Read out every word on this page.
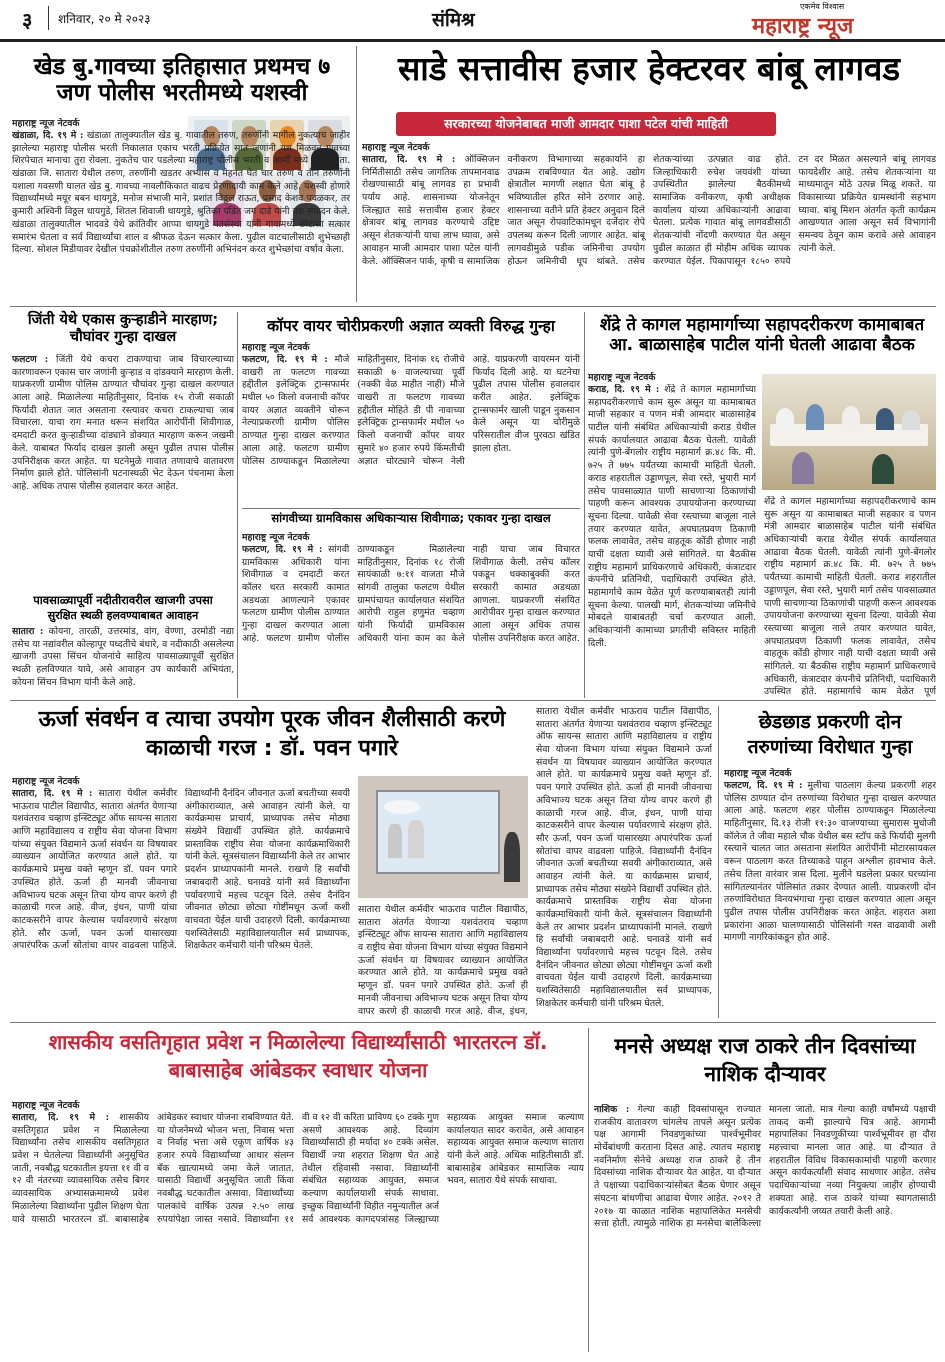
३ शनिवार, २० मे २०२३	संमिश्र
एकमेव विश्वास
महाराष्ट्र न्यूज
खेड बु.गावच्या इतिहासात प्रथमच ७ जण पोलीस भरतीमध्ये यशस्वी
महाराष्ट्र न्यूज नेटवर्क
खंडाळा, दि. १९ मे : खंडाळा तालुक्यातील खेड बु. गावातील तरुण, तरुणींनी मागील नुकत्याच जाहीर झालेल्या महाराष्ट्र पोलीस भरती निकालात एकाच भरती प्रक्रियेत सात जणांनी यश मिळवून गावच्या शिरपेचात मानाचा तुरा रोवला. नुकतेच पार पडलेल्या महाराष्ट्र पोलीस भरती व आर्मी मध्ये खेड बु. ता. खंडाळा जि. सातारा येथील तरुण, तरुणींनी खडतर अभ्यास व मेहनत घेत चार तरुण व तीन तरुणींनी यशाला गवसणी घालत खेड बु. गावच्या नावलौकिकात वाढच प्रेरणादायी काम केले आहे. यशस्वी होणारे विद्यार्थ्यांमध्ये मयूर बबन धायगुडे, मनोज संभाजी माने, प्रशांत विठ्ठल राऊत, प्रसाद केशव पवळकर, तर कुमारी अश्विनी विठ्ठल धायगुडे, शितल शिवाजी धायगुडे, श्रुतिका पंडित जग दाडे यांनी यश संपादन केले. खंडाळा तालुक्यातील भादवडे येथे क्रांतिवीर आप्पा धायगुडे पतसंस्था यांनी गावामध्ये छोटासा सत्कार समारंभ घेतला व सर्व विद्यार्थ्यांचा शाल व श्रीफळ देऊन सत्कार केला. पुढील वाटचालीसाठी शुभेच्छाही दिल्या. सोशल मिडीयावर देखील पंचक्रोशीतील तरुण तरुणींनी अभिनंदन करत शुभेच्छांचा वर्षाव केला.
साडे सत्तावीस हजार हेक्टरवर बांबू लागवड
सरकारच्या योजनेबाबत माजी आमदार पाशा पटेल यांची माहिती
महाराष्ट्र न्यूज नेटवर्क
सातारा, दि. १९ मे : ऑक्सिजन निर्मितीसाठी तसेच जागतिक तापमानवाढ रोखण्यासाठी बांबू लागवड हा प्रभावी पर्याय आहे. शासनाच्या योजनेतून जिल्ह्यात साडे सत्तावीस हजार हेक्टर क्षेत्रावर बांबू लागवड करण्याचे उद्दिष्ट असून शेतकऱ्यांनी याचा लाभ घ्यावा, असे आवाहन माजी आमदार पाशा पटेल यांनी केले. ऑक्सिजन पार्क, कृषी व सामाजिक वनीकरण विभागाच्या सहकार्याने हा उपक्रम राबविण्यात येत आहे. उद्योग क्षेत्रातील मागणी लक्षात घेता बांबू हे भविष्यातील हरित सोने ठरणार आहे. शासनाच्या वतीने प्रति हेक्टर अनुदान दिले जात असून रोपवाटिकांमधून दर्जेदार रोपे उपलब्ध करून दिली जाणार आहेत. बांबू लागवडीमुळे पडीक जमिनीचा उपयोग होऊन जमिनीची धूप थांबते. तसेच शेतकऱ्यांच्या उत्पन्नात वाढ होते. जिल्हाधिकारी रुचेश जयवंशी यांच्या उपस्थितीत झालेल्या बैठकीमध्ये सामाजिक वनीकरण, कृषी अधीक्षक कार्यालय यांच्या अधिकाऱ्यांनी आढावा घेतला. प्रत्येक गावात बांबू लागवडीसाठी शेतकऱ्यांची नोंदणी करण्यात येत असून पुढील काळात ही मोहीम अधिक व्यापक करण्यात येईल. पिकापासून १८५० रुपये टन दर मिळत असल्याने बांबू लागवड फायदेशीर आहे. तसेच शेतकऱ्यांना या माध्यमातून मोठे उत्पन्न मिळू शकते. या विकासाच्या प्रक्रियेत ग्रामस्थांनी सहभाग घ्यावा. बांबू मिशन अंतर्गत कृती कार्यक्रम आखण्यात आला असून सर्व विभागांनी समन्वय ठेवून काम करावे असे आवाहन त्यांनी केले.
जिंती येथे एकास कुऱ्हाडीने मारहाण; चौघांवर गुन्हा दाखल
फलटण : जिंती येथे कचरा टाकण्याचा जाब विचारल्याच्या कारणावरून एकास चार जणांनी कुऱ्हाड व दांडक्याने मारहाण केली. याप्रकरणी ग्रामीण पोलिस ठाण्यात चौघांवर गुन्हा दाखल करण्यात आला आहे. मिळालेल्या माहितीनुसार, दिनांक १५ रोजी सकाळी फिर्यादी शेतात जात असताना रस्त्यावर कचरा टाकल्याचा जाब विचारला. याचा राग मनात धरून संशयित आरोपींनी शिवीगाळ, दमदाटी करत कुऱ्हाडीच्या दांड्याने डोक्यात मारहाण करून जखमी केले. याबाबत फिर्याद दाखल झाली असून पुढील तपास पोलीस उपनिरीक्षक करत आहेत. या घटनेमुळे गावात तणावाचे वातावरण निर्माण झाले होते. पोलिसांनी घटनास्थळी भेट देऊन पंचनामा केला आहे. अधिक तपास पोलीस हवालदार करत आहेत.
पावसाळ्यापूर्वी नदीतीरावरील खाजगी उपसा
सुरक्षित स्थळी हलवण्याबाबत आवाहन
सातारा : कोयना, तारळी, उत्तरमांड, वांग, वेण्णा, उरमोडी नद्या तसेच या नद्यांवरील कोल्हापूर पध्दतीचे बंधारे, व नदीकाठी असलेल्या खाजगी उपसा सिंचन योजनांचे साहित्य पावसाळ्यापूर्वी सुरक्षित स्थळी हलविण्यात यावे, असे आवाहन उप कार्यकारी अभियंता, कोयना सिंचन विभाग यांनी केले आहे.
कॉपर वायर चोरीप्रकरणी अज्ञात व्यक्ती विरुद्ध गुन्हा
महाराष्ट्र न्यूज नेटवर्क
फलटण, दि. १९ मे : मौजे वाखरी ता फलटण गावच्या हद्दीतील इलेक्ट्रिक ट्रान्सफार्मर मधील ५० किलो वजनाची कॉपर वायर अज्ञात व्यक्तीने चोरून नेल्याप्रकरणी ग्रामीण पोलिस ठाण्यात गुन्हा दाखल करण्यात आला आहे. फलटण ग्रामीण पोलिस ठाण्याकडून मिळालेल्या माहितीनुसार, दिनांक १६ रोजीचे सकाळी ७ वाजल्याच्या पूर्वी (नक्की वेळ माहीत नाही) मौजे वाखरी ता फलटण गावच्या हद्दीतील मोहिते डी पी नावाच्या इलेक्ट्रिक ट्रान्सफार्मर मधील ५० किलो वजनाची कॉपर वायर सुमारे ४० हजार रुपये किंमतीची अज्ञात चोरट्याने चोरून नेली आहे. याप्रकरणी वायरमन यांनी फिर्याद दिली आहे. या घटनेचा पुढील तपास पोलीस हवालदार करीत आहेत. इलेक्ट्रिक ट्रान्सफार्मर खाली पाडून नुकसान केले असून या चोरीमुळे परिसरातील वीज पुरवठा खंडित झाला होता.
सांगवीच्या ग्रामविकास अधिकाऱ्यास शिवीगाळ; एकावर गुन्हा दाखल
महाराष्ट्र न्यूज नेटवर्क
फलटण, दि. १९ मे : सांगवी ग्रामविकास अधिकारी यांना शिवीगाळ व दमदाटी करत कॉलर धरत सरकारी कामात अडथळा आणल्याने एकावर फलटण ग्रामीण पोलीस ठाण्यात गुन्हा दाखल करण्यात आला आहे. फलटण ग्रामीण पोलीस ठाण्याकडून मिळालेल्या माहितीनुसार, दिनांक १८ रोजी सायंकाळी ७:११ वाजता मौजे सांगवी तालुका फलटण येथील ग्रामपंचायत कार्यालयात संशयित आरोपी राहुल हणुमंत चव्हाण यांनी फिर्यादी ग्रामविकास अधिकारी यांना काम का केले नाही याचा जाब विचारत शिवीगाळ केली. तसेच कॉलर पकडून धक्काबुक्की करत सरकारी कामात अडथळा आणला. याप्रकरणी संशयित आरोपीवर गुन्हा दाखल करण्यात आला असून अधिक तपास पोलीस उपनिरीक्षक करत आहेत.
शेंद्रे ते कागल महामार्गाच्या सहापदरीकरण कामाबाबत आ. बाळासाहेब पाटील यांनी घेतली आढावा बैठक
महाराष्ट्र न्यूज नेटवर्क
कराड, दि. १९ मे : शेंद्रे ते कागल महामार्गाच्या सहापदरीकरणाचे काम सुरू असून या कामाबाबत माजी सहकार व पणन मंत्री आमदार बाळासाहेब पाटील यांनी संबंधित अधिकाऱ्यांची कराड येथील संपर्क कार्यालयात आढावा बैठक घेतली. यावेळी त्यांनी पुणे-बेंगलोर राष्ट्रीय महामार्ग क्र.४८ कि. मी. ७२५ ते ७७५ पर्यंतच्या कामाची माहिती घेतली. कराड शहरातील उड्डाणपूल, सेवा रस्ते, भुयारी मार्ग तसेच पावसाळ्यात पाणी साचणाऱ्या ठिकाणांची पाहणी करून आवश्यक उपाययोजना करण्याच्या सूचना दिल्या. यावेळी सेवा रस्त्याच्या बाजूला नाले तयार करण्यात यावेत, अपघातप्रवण ठिकाणी फलक लावावेत, तसेच वाहतूक कोंडी होणार नाही याची दक्षता घ्यावी असे सांगितले. या बैठकीस राष्ट्रीय महामार्ग प्राधिकरणाचे अधिकारी, कंत्राटदार कंपनीचे प्रतिनिधी, पदाधिकारी उपस्थित होते. महामार्गाचे काम वेळेत पूर्ण करण्याबाबतही त्यांनी सूचना केल्या. पालखी मार्ग, शेतकऱ्यांच्या जमिनीचे मोबदले याबाबतही चर्चा करण्यात आली. अधिकाऱ्यांनी कामाच्या प्रगतीची सविस्तर माहिती दिली.
शेंद्रे ते कागल महामार्गाच्या सहापदरीकरणाचे काम सुरू असून या कामाबाबत माजी सहकार व पणन मंत्री आमदार बाळासाहेब पाटील यांनी संबंधित अधिकाऱ्यांची कराड येथील संपर्क कार्यालयात आढावा बैठक घेतली. यावेळी त्यांनी पुणे-बेंगलोर राष्ट्रीय महामार्ग क्र.४८ कि. मी. ७२५ ते ७७५ पर्यंतच्या कामाची माहिती घेतली. कराड शहरातील उड्डाणपूल, सेवा रस्ते, भुयारी मार्ग तसेच पावसाळ्यात पाणी साचणाऱ्या ठिकाणांची पाहणी करून आवश्यक उपाययोजना करण्याच्या सूचना दिल्या. यावेळी सेवा रस्त्याच्या बाजूला नाले तयार करण्यात यावेत, अपघातप्रवण ठिकाणी फलक लावावेत, तसेच वाहतूक कोंडी होणार नाही याची दक्षता घ्यावी असे सांगितले. या बैठकीस राष्ट्रीय महामार्ग प्राधिकरणाचे अधिकारी, कंत्राटदार कंपनीचे प्रतिनिधी, पदाधिकारी उपस्थित होते. महामार्गाचे काम वेळेत पूर्ण
ऊर्जा संवर्धन व त्याचा उपयोग पूरक जीवन शैलीसाठी करणे काळाची गरज : डॉ. पवन पगारे
महाराष्ट्र न्यूज नेटवर्क
सातारा, दि. १९ मे : सातारा येथील कर्मवीर भाऊराव पाटील विद्यापीठ, सातारा अंतर्गत येणाऱ्या यशवंतराव चव्हाण इन्स्टिट्यूट ऑफ सायन्स सातारा आणि महाविद्यालय व राष्ट्रीय सेवा योजना विभाग यांच्या संयुक्त विद्यमाने ऊर्जा संवर्धन या विषयावर व्याख्यान आयोजित करण्यात आले होते. या कार्यक्रमाचे प्रमुख वक्ते म्हणून डॉ. पवन पगारे उपस्थित होते. ऊर्जा ही मानवी जीवनाचा अविभाज्य घटक असून तिचा योग्य वापर करणे ही काळाची गरज आहे. वीज, इंधन, पाणी यांचा काटकसरीने वापर केल्यास पर्यावरणाचे संरक्षण होते. सौर ऊर्जा, पवन ऊर्जा यासारख्या अपारंपरिक ऊर्जा स्रोतांचा वापर वाढवला पाहिजे. विद्यार्थ्यांनी दैनंदिन जीवनात ऊर्जा बचतीच्या सवयी अंगीकाराव्यात, असे आवाहन त्यांनी केले. या कार्यक्रमास प्राचार्य, प्राध्यापक तसेच मोठ्या संख्येने विद्यार्थी उपस्थित होते. कार्यक्रमाचे प्रास्ताविक राष्ट्रीय सेवा योजना कार्यक्रमाधिकारी यांनी केले. सूत्रसंचालन विद्यार्थ्यांनी केले तर आभार प्रदर्शन प्राध्यापकांनी मानले. राखणे हि सर्वांची जबाबदारी आहे. घनावडे यांनी सर्व विद्यार्थ्यांना पर्यावरणाचे महत्त्व पटवून दिले. तसेच दैनंदिन जीवनात छोट्या छोट्या गोष्टींमधून ऊर्जा कशी वाचवता येईल याची उदाहरणे दिली. कार्यक्रमाच्या यशस्वितेसाठी महाविद्यालयातील सर्व प्राध्यापक, शिक्षकेतर कर्मचारी यांनी परिश्रम घेतले.
सातारा येथील कर्मवीर भाऊराव पाटील विद्यापीठ, सातारा अंतर्गत येणाऱ्या यशवंतराव चव्हाण इन्स्टिट्यूट ऑफ सायन्स सातारा आणि महाविद्यालय व राष्ट्रीय सेवा योजना विभाग यांच्या संयुक्त विद्यमाने ऊर्जा संवर्धन या विषयावर व्याख्यान आयोजित करण्यात आले होते. या कार्यक्रमाचे प्रमुख वक्ते म्हणून डॉ. पवन पगारे उपस्थित होते. ऊर्जा ही मानवी जीवनाचा अविभाज्य घटक असून तिचा योग्य वापर करणे ही काळाची गरज आहे. वीज, इंधन,
सातारा येथील कर्मवीर भाऊराव पाटील विद्यापीठ, सातारा अंतर्गत येणाऱ्या यशवंतराव चव्हाण इन्स्टिट्यूट ऑफ सायन्स सातारा आणि महाविद्यालय व राष्ट्रीय सेवा योजना विभाग यांच्या संयुक्त विद्यमाने ऊर्जा संवर्धन या विषयावर व्याख्यान आयोजित करण्यात आले होते. या कार्यक्रमाचे प्रमुख वक्ते म्हणून डॉ. पवन पगारे उपस्थित होते. ऊर्जा ही मानवी जीवनाचा अविभाज्य घटक असून तिचा योग्य वापर करणे ही काळाची गरज आहे. वीज, इंधन, पाणी यांचा काटकसरीने वापर केल्यास पर्यावरणाचे संरक्षण होते. सौर ऊर्जा, पवन ऊर्जा यासारख्या अपारंपरिक ऊर्जा स्रोतांचा वापर वाढवला पाहिजे. विद्यार्थ्यांनी दैनंदिन जीवनात ऊर्जा बचतीच्या सवयी अंगीकाराव्यात, असे आवाहन त्यांनी केले. या कार्यक्रमास प्राचार्य, प्राध्यापक तसेच मोठ्या संख्येने विद्यार्थी उपस्थित होते. कार्यक्रमाचे प्रास्ताविक राष्ट्रीय सेवा योजना कार्यक्रमाधिकारी यांनी केले. सूत्रसंचालन विद्यार्थ्यांनी केले तर आभार प्रदर्शन प्राध्यापकांनी मानले. राखणे हि सर्वांची जबाबदारी आहे. घनावडे यांनी सर्व विद्यार्थ्यांना पर्यावरणाचे महत्त्व पटवून दिले. तसेच दैनंदिन जीवनात छोट्या छोट्या गोष्टींमधून ऊर्जा कशी वाचवता येईल याची उदाहरणे दिली. कार्यक्रमाच्या यशस्वितेसाठी महाविद्यालयातील सर्व प्राध्यापक, शिक्षकेतर कर्मचारी यांनी परिश्रम घेतले.
छेडछाड प्रकरणी दोन तरुणांच्या विरोधात गुन्हा
महाराष्ट्र न्यूज नेटवर्क
फलटण, दि. १९ मे : मुलीचा पाठलाग केल्या प्रकरणी शहर पोलिस ठाण्यात दोन तरुणांच्या विरोधात गुन्हा दाखल करण्यात आला आहे. फलटण शहर पोलीस ठाण्याकडून मिळालेल्या माहितीनुसार, दि.१३ रोजी ११:३० वाजण्याच्या सुमारास मुधोजी कॉलेज ते जीवा महाले चौक येथील बस स्टॉप कडे फिर्यादी मुलगी रस्त्याने चालत जात असताना संशयित आरोपींनी मोटारसायकल वरून पाठलाग करत तिच्याकडे पाहून अश्लील हावभाव केले. तसेच तिला वारंवार त्रास दिला. मुलीने घडलेला प्रकार घरच्यांना सांगितल्यानंतर पोलिसांत तक्रार देण्यात आली. याप्रकरणी दोन तरुणांविरोधात विनयभंगाचा गुन्हा दाखल करण्यात आला असून पुढील तपास पोलीस उपनिरीक्षक करत आहेत. शहरात अशा प्रकारांना आळा घालण्यासाठी पोलिसांनी गस्त वाढवावी अशी मागणी नागरिकांकडून होत आहे.
शासकीय वसतिगृहात प्रवेश न मिळालेल्या विद्यार्थ्यांसाठी भारतरत्न डॉ. बाबासाहेब आंबेडकर स्वाधार योजना
महाराष्ट्र न्यूज नेटवर्क
सातारा, दि. १९ मे : शासकीय वसतिगृहात प्रवेश न मिळालेल्या विद्यार्थ्यांना तसेच शासकीय वसतिगृहात प्रवेश न घेतलेल्या विद्यार्थ्यांनी अनुसूचित जाती, नवबौद्ध घटकातील इयत्ता ११ वी व १२ वी नंतरच्या व्यावसायिक तसेच बिगर व्यावसायिक अभ्यासक्रमामध्ये प्रवेश मिळालेल्या विद्यार्थ्यांना पुढील शिक्षण घेता यावे यासाठी भारतरत्न डॉ. बाबासाहेब आंबेडकर स्वाधार योजना राबविण्यात येते. या योजनेमध्ये भोजन भत्ता, निवास भत्ता व निर्वाह भत्ता असे एकूण वार्षिक ४३ हजार रुपये विद्यार्थ्यांच्या आधार संलग्न बँक खात्यामध्ये जमा केले जातात. यासाठी विद्यार्थी अनुसूचित जाती किंवा नवबौद्ध घटकातील असावा. विद्यार्थ्यांच्या पालकांचे वार्षिक उत्पन्न २.५० लाख रुपयांपेक्षा जास्त नसावे. विद्यार्थ्यांना ११ वी व १२ वी करिता प्राविण्य ६० टक्के गुण असणे आवश्यक आहे. दिव्यांग विद्यार्थ्यांसाठी ही मर्यादा ४० टक्के असेल. विद्यार्थी ज्या शहरात शिक्षण घेत आहे तेथील रहिवासी नसावा. विद्यार्थ्यांनी संबंधित सहाय्यक आयुक्त, समाज कल्याण कार्यालयाशी संपर्क साधावा. इच्छुक विद्यार्थ्यांनी विहीत नमुन्यातील अर्ज सर्व आवश्यक कागदपत्रांसह जिल्ह्याच्या सहाय्यक आयुक्त समाज कल्याण कार्यालयात सादर करावेत, असे आवाहन सहाय्यक आयुक्त समाज कल्याण सातारा यांनी केले आहे. अधिक माहितीसाठी डॉ. बाबासाहेब आंबेडकर सामाजिक न्याय भवन, सातारा येथे संपर्क साधावा.
मनसे अध्यक्ष राज ठाकरे तीन दिवसांच्या नाशिक दौऱ्यावर
नाशिक : गेल्या काही दिवसांपासून राज्यात राजकीय वातावरण चांगलेच तापले असून प्रत्येक पक्ष आगामी निवडणुकांच्या पार्श्वभूमीवर मोर्चेबांधणी करताना दिसत आहे. त्यातच महाराष्ट्र नवनिर्माण सेनेचे अध्यक्ष राज ठाकरे हे तीन दिवसांच्या नाशिक दौऱ्यावर येत आहेत. या दौऱ्यात ते पक्षाच्या पदाधिकाऱ्यांसोबत बैठक घेणार असून संघटना बांधणीचा आढावा घेणार आहेत. २०१२ ते २०१७ या काळात नाशिक महापालिकेत मनसेची सत्ता होती. त्यामुळे नाशिक हा मनसेचा बालेकिल्ला मानला जातो. मात्र गेल्या काही वर्षांमध्ये पक्षाची ताकद कमी झाल्याचे चित्र आहे. आगामी महापालिका निवडणुकीच्या पार्श्वभूमीवर हा दौरा महत्त्वाचा मानला जात आहे. या दौऱ्यात ते शहरातील विविध विकासकामांची पाहणी करणार असून कार्यकर्त्यांशी संवाद साधणार आहेत. तसेच पदाधिकाऱ्यांच्या नव्या नियुक्त्या जाहीर होण्याची शक्यता आहे. राज ठाकरे यांच्या स्वागतासाठी कार्यकर्त्यांनी जय्यत तयारी केली आहे.
